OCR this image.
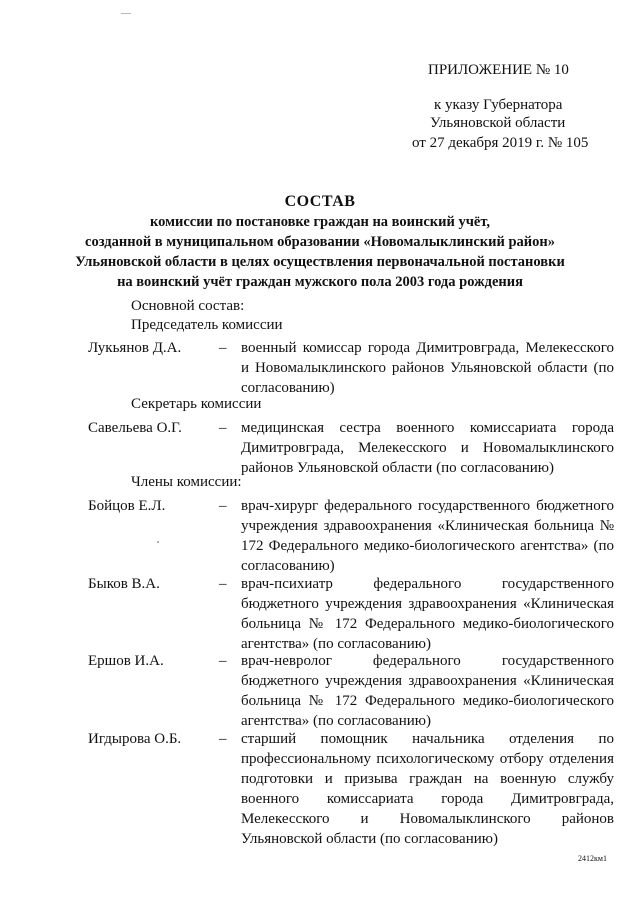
ПРИЛОЖЕНИЕ № 10
к указу Губернатора
Ульяновской области
от 27 декабря 2019 г. № 105
СОСТАВ
комиссии по постановке граждан на воинский учёт,
созданной в муниципальном образовании «Новомалыклинский район»
Ульяновской области в целях осуществления первоначальной постановки
на воинский учёт граждан мужского пола 2003 года рождения
Основной состав:
Председатель комиссии
Лукьянов Д.А.	– военный комиссар города Димитровграда, Мелекесского и Новомалыклинского районов Ульяновской области (по согласованию)
Секретарь комиссии
Савельева О.Г. – медицинская сестра военного комиссариата города Димитровграда, Мелекесского и Новомалыклинского районов Ульяновской области (по согласованию)
Члены комиссии:
Бойцов Е.Л.	– врач-хирург федерального государственного бюджетного учреждения здравоохранения «Клиническая больница № 172 Федерального медико-биологического агентства» (по согласованию)
Быков В.А.	– врач-психиатр федерального государственного бюджетного учреждения здравоохранения «Клиническая больница № 172 Федерального медико-биологического агентства» (по согласованию)
Ершов И.А.	– врач-невролог федерального государственного бюджетного учреждения здравоохранения «Клиническая больница № 172 Федерального медико-биологического агентства» (по согласованию)
Игдырова О.Б.	– старший помощник начальника отделения по профессиональному психологическому отбору отделения подготовки и призыва граждан на военную службу военного комиссариата города Димитровграда, Мелекесского и Новомалыклинского районов Ульяновской области (по согласованию)
2412км1
